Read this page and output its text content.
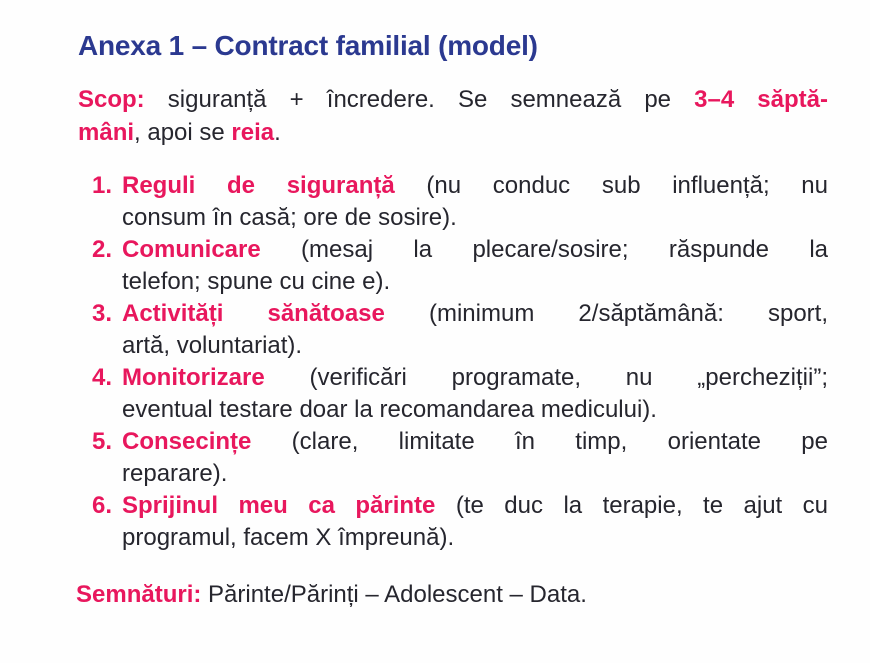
Anexa 1 – Contract familial (model)

Scop: siguranță + încredere. Se semnează pe 3–4 săptă-
mâni, apoi se reia.

1. Reguli de siguranță (nu conduc sub influență; nu
consum în casă; ore de sosire).
2. Comunicare (mesaj la plecare/sosire; răspunde la
telefon; spune cu cine e).
3. Activități sănătoase (minimum 2/săptămână: sport,
artă, voluntariat).
4. Monitorizare (verificări programate, nu „percheziții”;
eventual testare doar la recomandarea medicului).
5. Consecințe (clare, limitate în timp, orientate pe
reparare).
6. Sprijinul meu ca părinte (te duc la terapie, te ajut cu
programul, facem X împreună).

Semnături: Părinte/Părinți – Adolescent – Data.
